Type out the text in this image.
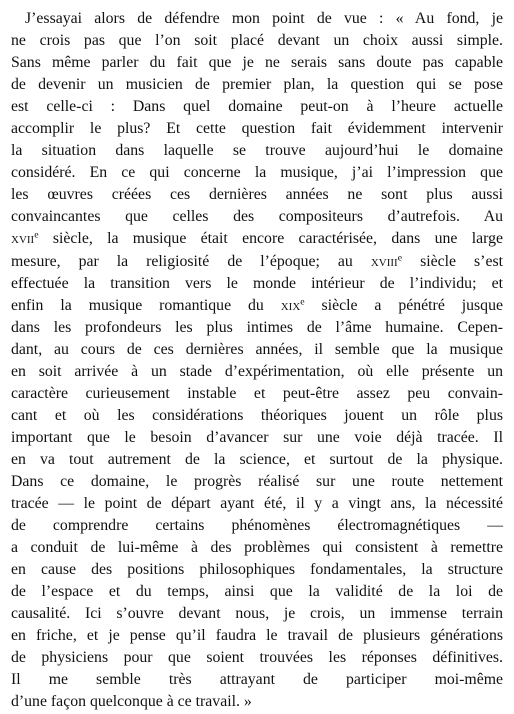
J’essayai alors de défendre mon point de vue : « Au fond, je
ne crois pas que l’on soit placé devant un choix aussi simple.
Sans même parler du fait que je ne serais sans doute pas capable
de devenir un musicien de premier plan, la question qui se pose
est celle-ci : Dans quel domaine peut-on à l’heure actuelle
accomplir le plus? Et cette question fait évidemment intervenir
la situation dans laquelle se trouve aujourd’hui le domaine
considéré. En ce qui concerne la musique, j’ai l’impression que
les œuvres créées ces dernières années ne sont plus aussi
convaincantes que celles des compositeurs d’autrefois. Au
xvii$^e$ siècle, la musique était encore caractérisée, dans une large
mesure, par la religiosité de l’époque; au xviii$^e$ siècle s’est
effectuée la transition vers le monde intérieur de l’individu; et
enfin la musique romantique du xix$^e$ siècle a pénétré jusque
dans les profondeurs les plus intimes de l’âme humaine. Cepen-
dant, au cours de ces dernières années, il semble que la musique
en soit arrivée à un stade d’expérimentation, où elle présente un
caractère curieusement instable et peut-être assez peu convain-
cant et où les considérations théoriques jouent un rôle plus
important que le besoin d’avancer sur une voie déjà tracée. Il
en va tout autrement de la science, et surtout de la physique.
Dans ce domaine, le progrès réalisé sur une route nettement
tracée — le point de départ ayant été, il y a vingt ans, la nécessité
de comprendre certains phénomènes électromagnétiques —
a conduit de lui-même à des problèmes qui consistent à remettre
en cause des positions philosophiques fondamentales, la structure
de l’espace et du temps, ainsi que la validité de la loi de
causalité. Ici s’ouvre devant nous, je crois, un immense terrain
en friche, et je pense qu’il faudra le travail de plusieurs générations
de physiciens pour que soient trouvées les réponses définitives.
Il me semble très attrayant de participer moi-même
d’une façon quelconque à ce travail. »
